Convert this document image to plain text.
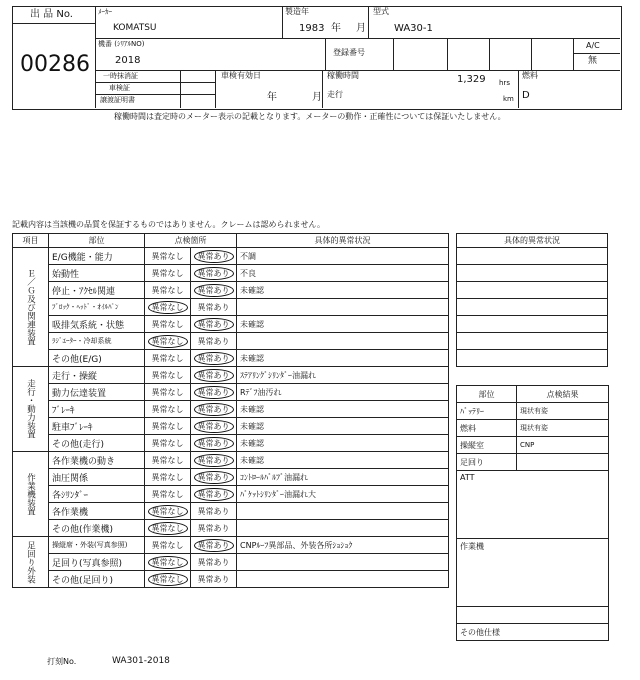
出 品 No.
00286
ﾒｰｶｰ
KOMATSU
製造年
1983 年 月
型式
WA30-1
機番 (ｼﾘｱﾙNO)
2018
登録番号
A/C
無
一時抹消証
車検証
譲渡証明書
車検有効日
年	月
稼働時間	1,329 hrs
km
走行
燃料
D
稼働時間は査定時のメーター表示の記載となります。メーターの動作・正確性については保証いたしません。
記載内容は当該機の品質を保証するものではありません。クレームは認められません。
項目	部位	点検箇所		具体的異常状況

Ｅ／Ｇ及び関連装置	E/G機能・能力	異常なし	異常あり	不調
	始動性	異常なし	異常あり	不良
	停止・ｱｸｾﾙ関連	異常なし	異常あり	未確認
	ﾌﾞﾛｯｸ・ﾍｯﾄﾞ・ｵｲﾙﾊﾟﾝ	異常なし	異常あり	
	吸排気系統・状態	異常なし	異常あり	未確認
	ﾗｼﾞｴｰﾀｰ・冷却系統	異常なし	異常あり	
	その他(E/G)	異常なし	異常あり	未確認

走行・動力装置	走行・操縦	異常なし	異常あり	ｽﾃｱﾘﾝｸﾞｼﾘﾝﾀﾞｰ油漏れ
	動力伝達装置	異常なし	異常あり	Rﾃﾞﾌ油汚れ
	ﾌﾞﾚｰｷ	異常なし	異常あり	未確認
	駐車ﾌﾞﾚｰｷ	異常なし	異常あり	未確認
	その他(走行)	異常なし	異常あり	未確認

作業機装置	各作業機の動き	異常なし	異常あり	未確認
	油圧関係	異常なし	異常あり	ｺﾝﾄﾛｰﾙﾊﾞﾙﾌﾞ油漏れ
	各ｼﾘﾝﾀﾞｰ	異常なし	異常あり	ﾊﾞｹｯﾄｼﾘﾝﾀﾞｰ油漏れ大
	各作業機	異常なし	異常あり	
	その他(作業機)	異常なし	異常あり	

足回り外装	操縦席・外装(写真参照)	異常なし	異常あり	CNPﾙｰﾌ異部品、外装各所ｼｮｼｮｸ
	足回り(写真参照)	異常なし	異常あり	
	その他(足回り)	異常なし	異常あり	
具体的異常状況

部位	点検結果
ﾊﾞｯﾃﾘｰ	現状有姿
燃料	現状有姿
操縦室	CNP
足回り	
ATT	
作業機	

その他仕様	
打刻No.	WA301-2018
